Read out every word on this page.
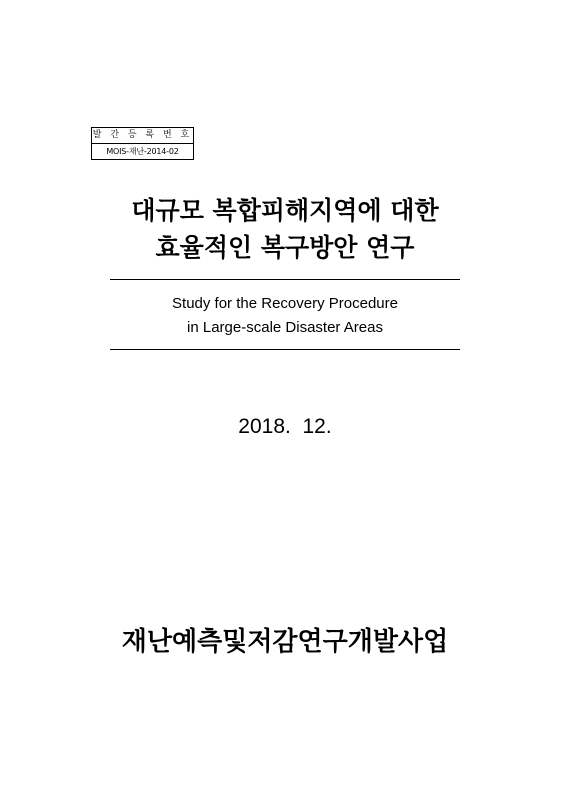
발 간 등 록 번 호
MOIS-재난-2014-02
대규모 복합피해지역에 대한
효율적인 복구방안 연구
Study for the Recovery Procedure
in Large-scale Disaster Areas
2018.  12.
재난예측및저감연구개발사업
